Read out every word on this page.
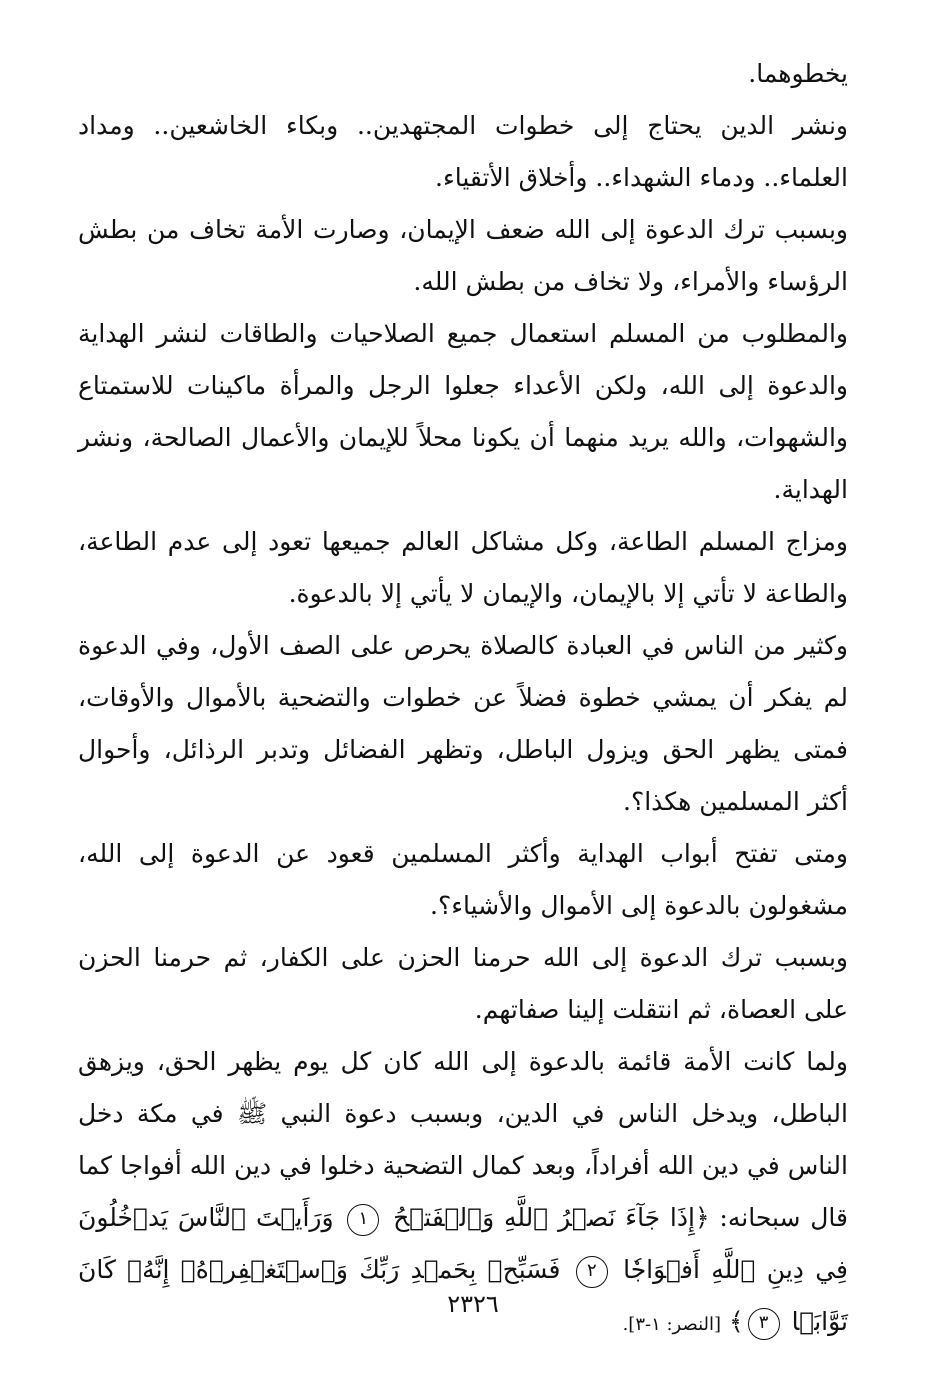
يخطوهما.

ونشر الدين يحتاج إلى خطوات المجتهدين.. وبكاء الخاشعين.. ومداد العلماء.. ودماء الشهداء.. وأخلاق الأتقياء.

وبسبب ترك الدعوة إلى الله ضعف الإيمان، وصارت الأمة تخاف من بطش الرؤساء والأمراء، ولا تخاف من بطش الله.

والمطلوب من المسلم استعمال جميع الصلاحيات والطاقات لنشر الهداية والدعوة إلى الله، ولكن الأعداء جعلوا الرجل والمرأة ماكينات للاستمتاع والشهوات، والله يريد منهما أن يكونا محلاً للإيمان والأعمال الصالحة، ونشر الهداية.

ومزاج المسلم الطاعة، وكل مشاكل العالم جميعها تعود إلى عدم الطاعة، والطاعة لا تأتي إلا بالإيمان، والإيمان لا يأتي إلا بالدعوة.

وكثير من الناس في العبادة كالصلاة يحرص على الصف الأول، وفي الدعوة لم يفكر أن يمشي خطوة فضلاً عن خطوات والتضحية بالأموال والأوقات، فمتى يظهر الحق ويزول الباطل، وتظهر الفضائل وتدبر الرذائل، وأحوال أكثر المسلمين هكذا؟.

ومتى تفتح أبواب الهداية وأكثر المسلمين قعود عن الدعوة إلى الله، مشغولون بالدعوة إلى الأموال والأشياء؟.

وبسبب ترك الدعوة إلى الله حرمنا الحزن على الكفار، ثم حرمنا الحزن على العصاة، ثم انتقلت إلينا صفاتهم.

ولما كانت الأمة قائمة بالدعوة إلى الله كان كل يوم يظهر الحق، ويزهق الباطل، ويدخل الناس في الدين، وبسبب دعوة النبي ﷺ في مكة دخل الناس في دين الله أفراداً، وبعد كمال التضحية دخلوا في دين الله أفواجا كما قال سبحانه: ﴿إِذَا جَآءَ نَصۡرُ ٱللَّهِ وَٱلۡفَتۡحُ ١ وَرَأَيۡتَ ٱلنَّاسَ يَدۡخُلُونَ فِي دِينِ ٱللَّهِ أَفۡوَاجٗا ٢ فَسَبِّحۡ بِحَمۡدِ رَبِّكَ وَٱسۡتَغۡفِرۡهُۚ إِنَّهُۥ كَانَ تَوَّابَۢا ٣﴾ [النصر: ١-٣].

٢٣٢٦
